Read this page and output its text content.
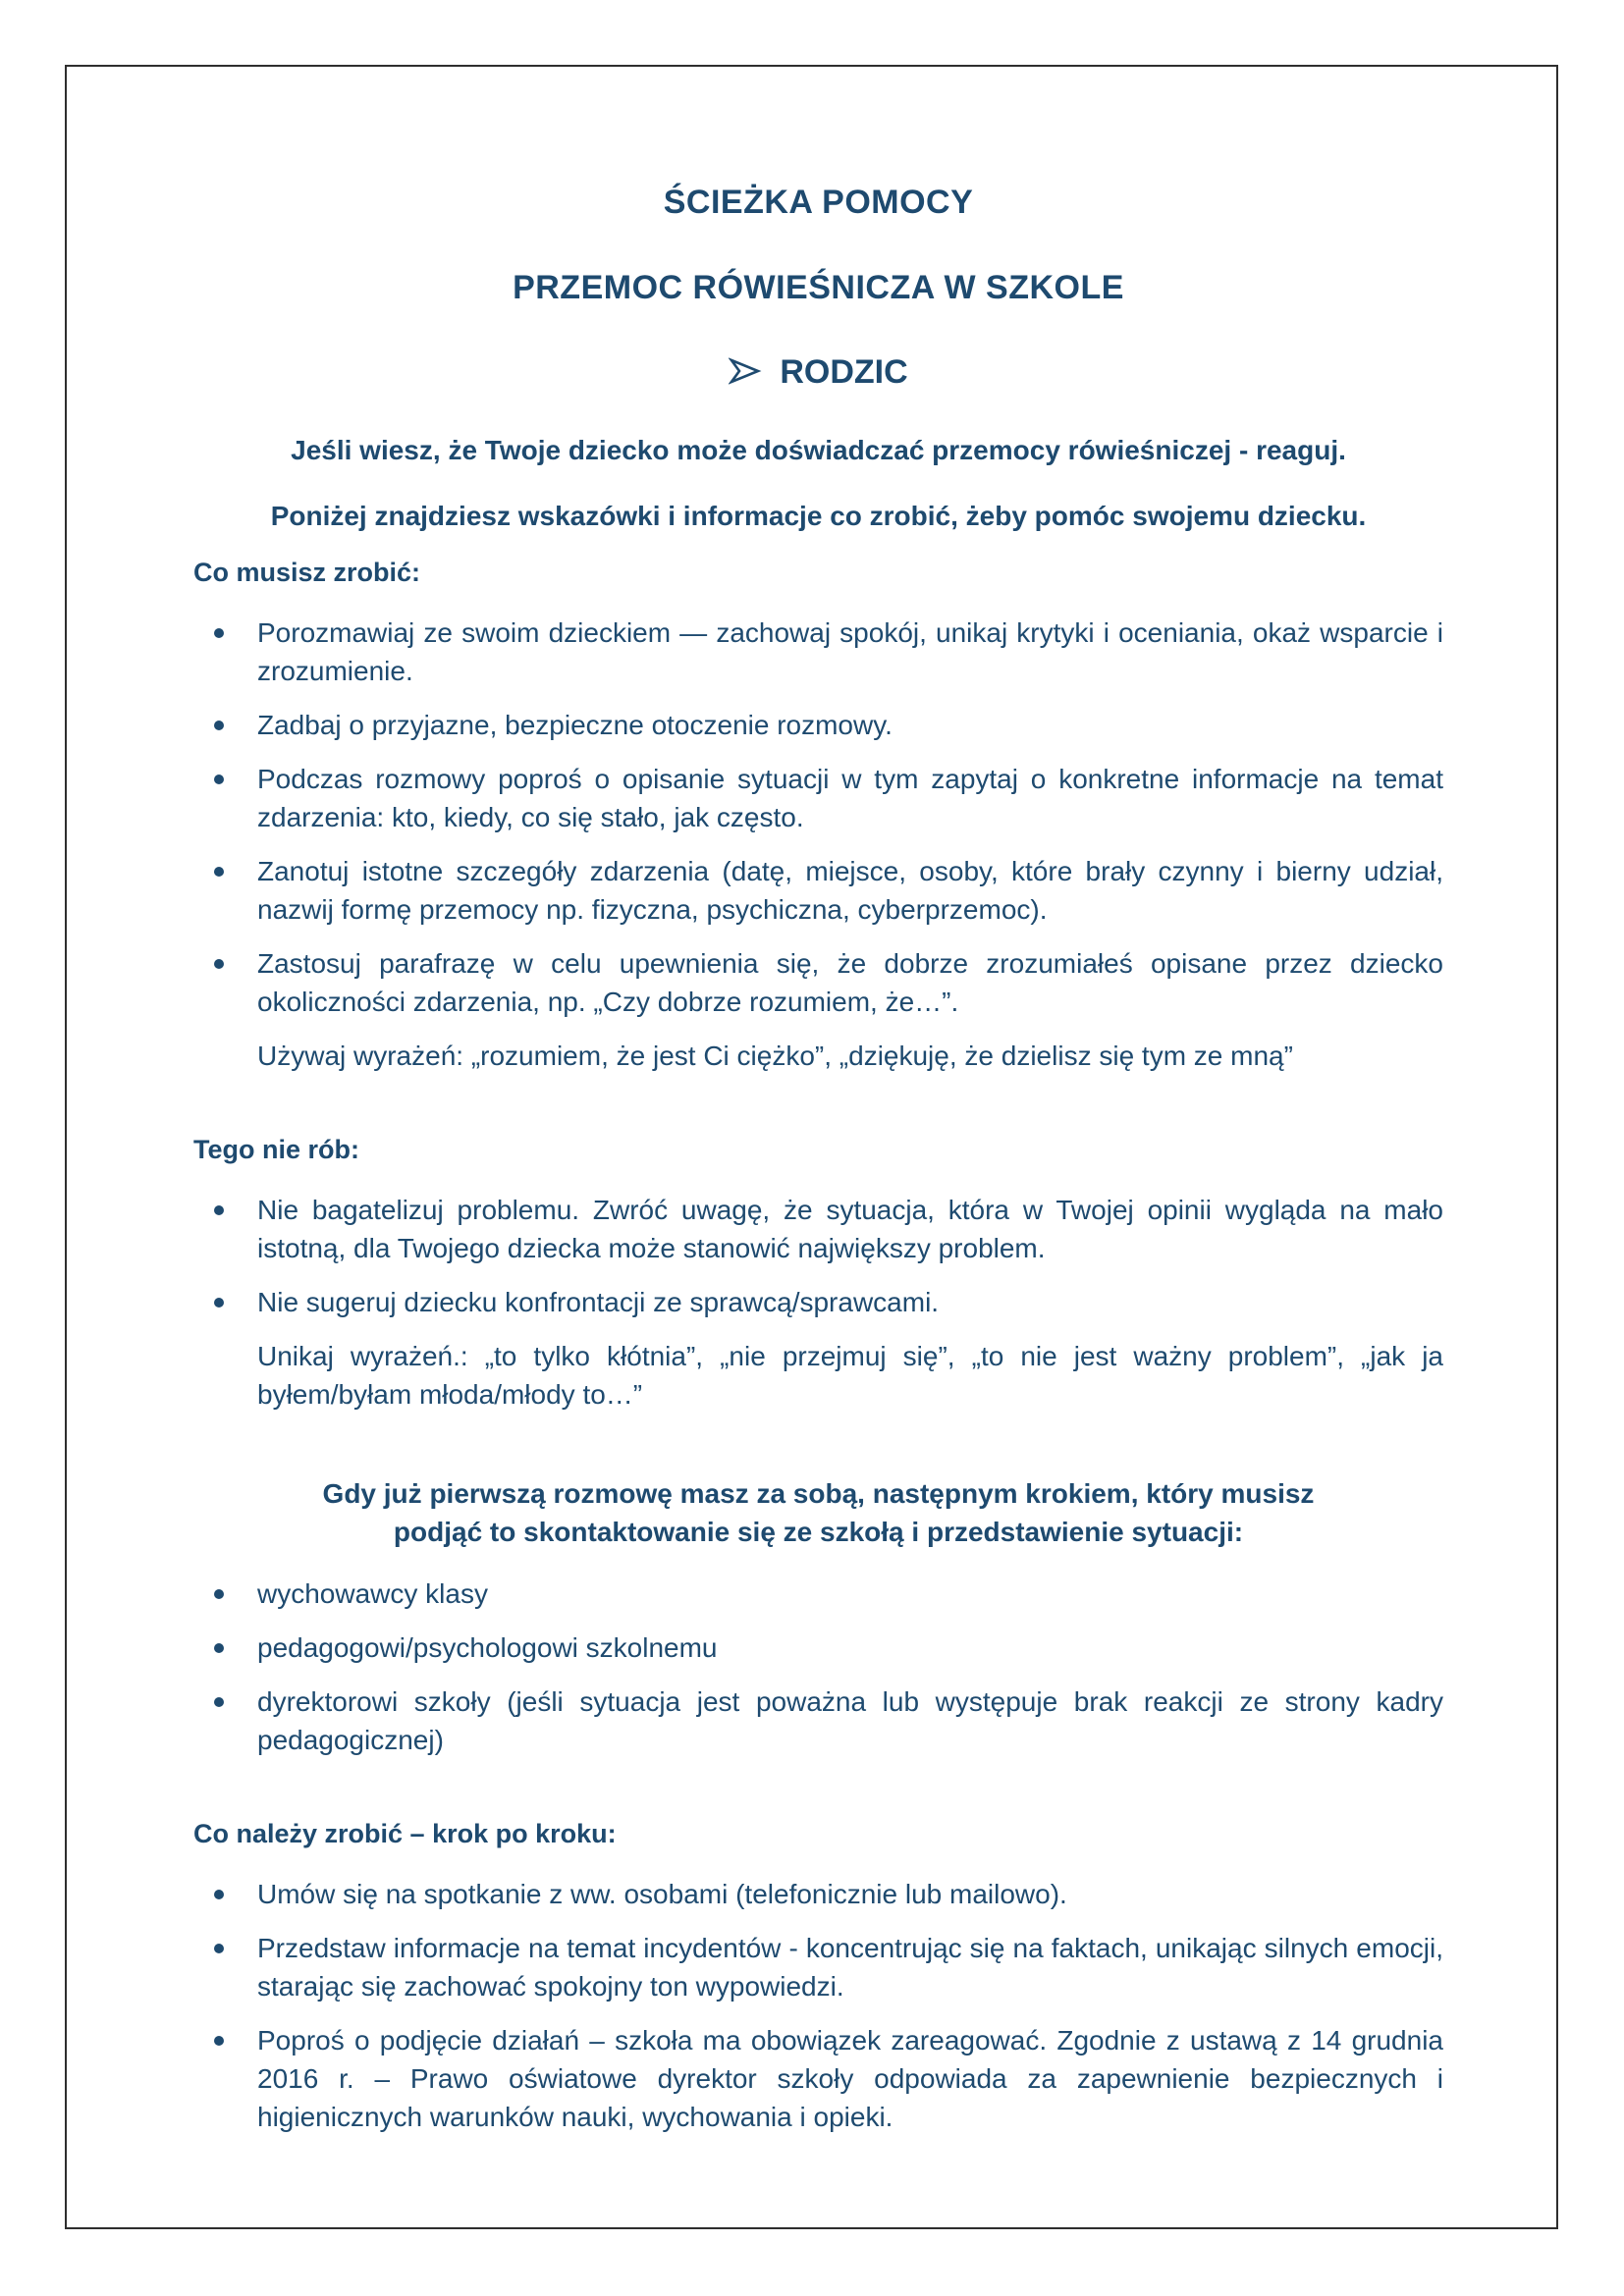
ŚCIEŻKA POMOCY
PRZEMOC RÓWIEŚNICZA W SZKOLE
RODZIC
Jeśli wiesz, że Twoje dziecko może doświadczać przemocy rówieśniczej - reaguj.
Poniżej znajdziesz wskazówki i informacje co zrobić, żeby pomóc swojemu dziecku.
Co musisz zrobić:
Porozmawiaj ze swoim dzieckiem — zachowaj spokój, unikaj krytyki i oceniania, okaż wsparcie i zrozumienie.
Zadbaj o przyjazne, bezpieczne otoczenie rozmowy.
Podczas rozmowy poproś o opisanie sytuacji w tym zapytaj o konkretne informacje na temat zdarzenia: kto, kiedy, co się stało, jak często.
Zanotuj istotne szczegóły zdarzenia (datę, miejsce, osoby, które brały czynny i bierny udział, nazwij formę przemocy np. fizyczna, psychiczna, cyberprzemoc).
Zastosuj parafrazę w celu upewnienia się, że dobrze zrozumiałeś opisane przez dziecko okoliczności zdarzenia, np. „Czy dobrze rozumiem, że…”.
Używaj wyrażeń: „rozumiem, że jest Ci ciężko”, „dziękuję, że dzielisz się tym ze mną”
Tego nie rób:
Nie bagatelizuj problemu. Zwróć uwagę, że sytuacja, która w Twojej opinii wygląda na mało istotną, dla Twojego dziecka może stanowić największy problem.
Nie sugeruj dziecku konfrontacji ze sprawcą/sprawcami.
Unikaj wyrażeń.: „to tylko kłótnia”, „nie przejmuj się”, „to nie jest ważny problem”, „jak ja byłem/byłam młoda/młody to…”
Gdy już pierwszą rozmowę masz za sobą, następnym krokiem, który musisz podjąć to skontaktowanie się ze szkołą i przedstawienie sytuacji:
wychowawcy klasy
pedagogowi/psychologowi szkolnemu
dyrektorowi szkoły (jeśli sytuacja jest poważna lub występuje brak reakcji ze strony kadry pedagogicznej)
Co należy zrobić – krok po kroku:
Umów się na spotkanie z ww. osobami (telefonicznie lub mailowo).
Przedstaw informacje na temat incydentów - koncentrując się na faktach, unikając silnych emocji, starając się zachować spokojny ton wypowiedzi.
Poproś o podjęcie działań – szkoła ma obowiązek zareagować. Zgodnie z ustawą z 14 grudnia 2016 r. – Prawo oświatowe dyrektor szkoły odpowiada za zapewnienie bezpiecznych i higienicznych warunków nauki, wychowania i opieki.
